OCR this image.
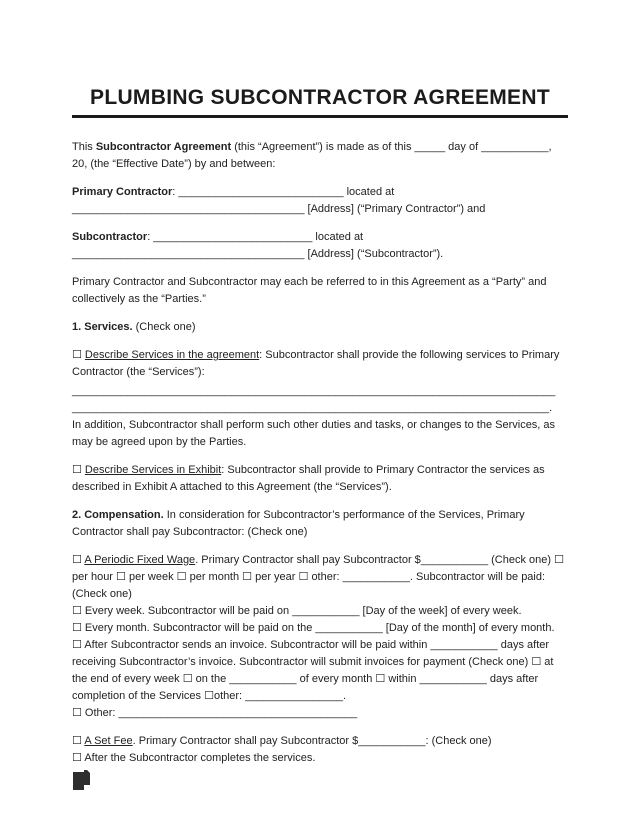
PLUMBING SUBCONTRACTOR AGREEMENT

This Subcontractor Agreement (this “Agreement”) is made as of this _____ day of ___________, 20, (the “Effective Date”) by and between:

Primary Contractor: ___________________________ located at ______________________________________ [Address] (“Primary Contractor”) and

Subcontractor: __________________________ located at ______________________________________ [Address] (“Subcontractor”).

Primary Contractor and Subcontractor may each be referred to in this Agreement as a “Party” and collectively as the “Parties.”

1. Services. (Check one)

☐ Describe Services in the agreement: Subcontractor shall provide the following services to Primary Contractor (the “Services”):

_______________________________________________________________________________
______________________________________________________________________________.

In addition, Subcontractor shall perform such other duties and tasks, or changes to the Services, as may be agreed upon by the Parties.

☐ Describe Services in Exhibit: Subcontractor shall provide to Primary Contractor the services as described in Exhibit A attached to this Agreement (the “Services”).

2. Compensation. In consideration for Subcontractor’s performance of the Services, Primary Contractor shall pay Subcontractor: (Check one)

☐ A Periodic Fixed Wage. Primary Contractor shall pay Subcontractor $___________ (Check one) ☐ per hour ☐ per week ☐ per month ☐ per year ☐ other: ___________. Subcontractor will be paid: (Check one)

☐ Every week. Subcontractor will be paid on ___________ [Day of the week] of every week.

☐ Every month. Subcontractor will be paid on the ___________ [Day of the month] of every month.

☐ After Subcontractor sends an invoice. Subcontractor will be paid within ___________ days after receiving Subcontractor’s invoice. Subcontractor will submit invoices for payment (Check one) ☐ at the end of every week ☐ on the ___________ of every month ☐ within ___________ days after completion of the Services ☐other: ________________.

☐ Other: _______________________________________

☐ A Set Fee. Primary Contractor shall pay Subcontractor $___________: (Check one)

☐ After the Subcontractor completes the services.
